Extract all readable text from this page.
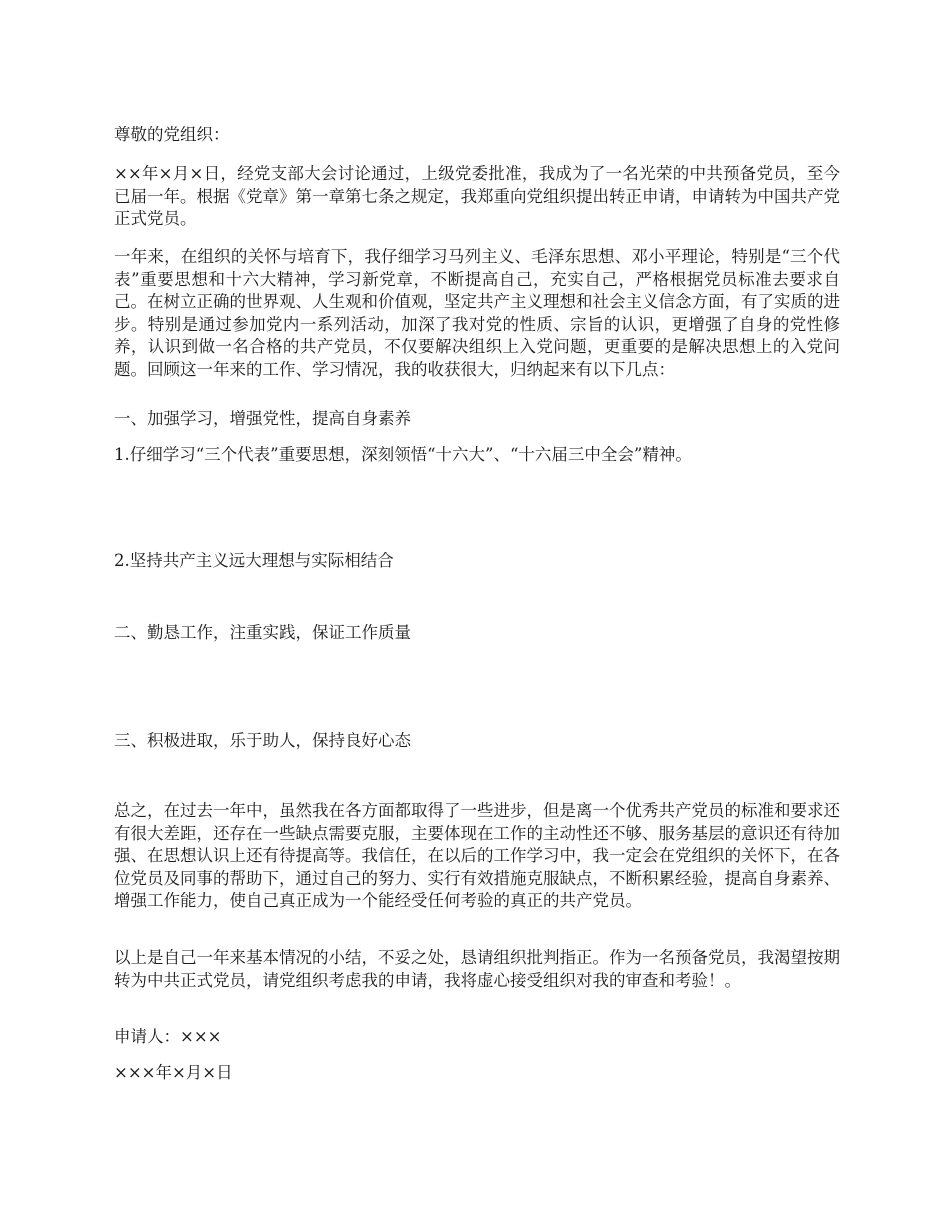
尊敬的党组织：

××年×月×日，经党支部大会讨论通过，上级党委批准，我成为了一名光荣的中共预备党员，至今已届一年。根据《党章》第一章第七条之规定，我郑重向党组织提出转正申请，申请转为中国共产党正式党员。

一年来，在组织的关怀与培育下，我仔细学习马列主义、毛泽东思想、邓小平理论，特别是“三个代表”重要思想和十六大精神，学习新党章，不断提高自己，充实自己，严格根据党员标准去要求自己。在树立正确的世界观、人生观和价值观，坚定共产主义理想和社会主义信念方面，有了实质的进步。特别是通过参加党内一系列活动，加深了我对党的性质、宗旨的认识，更增强了自身的党性修养，认识到做一名合格的共产党员，不仅要解决组织上入党问题，更重要的是解决思想上的入党问题。回顾这一年来的工作、学习情况，我的收获很大，归纳起来有以下几点：

一、加强学习，增强党性，提高自身素养

1.仔细学习“三个代表”重要思想，深刻领悟“十六大”、“十六届三中全会”精神。

2.坚持共产主义远大理想与实际相结合

二、勤恳工作，注重实践，保证工作质量

三、积极进取，乐于助人，保持良好心态

总之，在过去一年中，虽然我在各方面都取得了一些进步，但是离一个优秀共产党员的标准和要求还有很大差距，还存在一些缺点需要克服，主要体现在工作的主动性还不够、服务基层的意识还有待加强、在思想认识上还有待提高等。我信任，在以后的工作学习中，我一定会在党组织的关怀下，在各位党员及同事的帮助下，通过自己的努力、实行有效措施克服缺点，不断积累经验，提高自身素养、增强工作能力，使自己真正成为一个能经受任何考验的真正的共产党员。

以上是自己一年来基本情况的小结，不妥之处，恳请组织批判指正。作为一名预备党员，我渴望按期转为中共正式党员，请党组织考虑我的申请，我将虚心接受组织对我的审查和考验！。

申请人：×××

×××年×月×日
